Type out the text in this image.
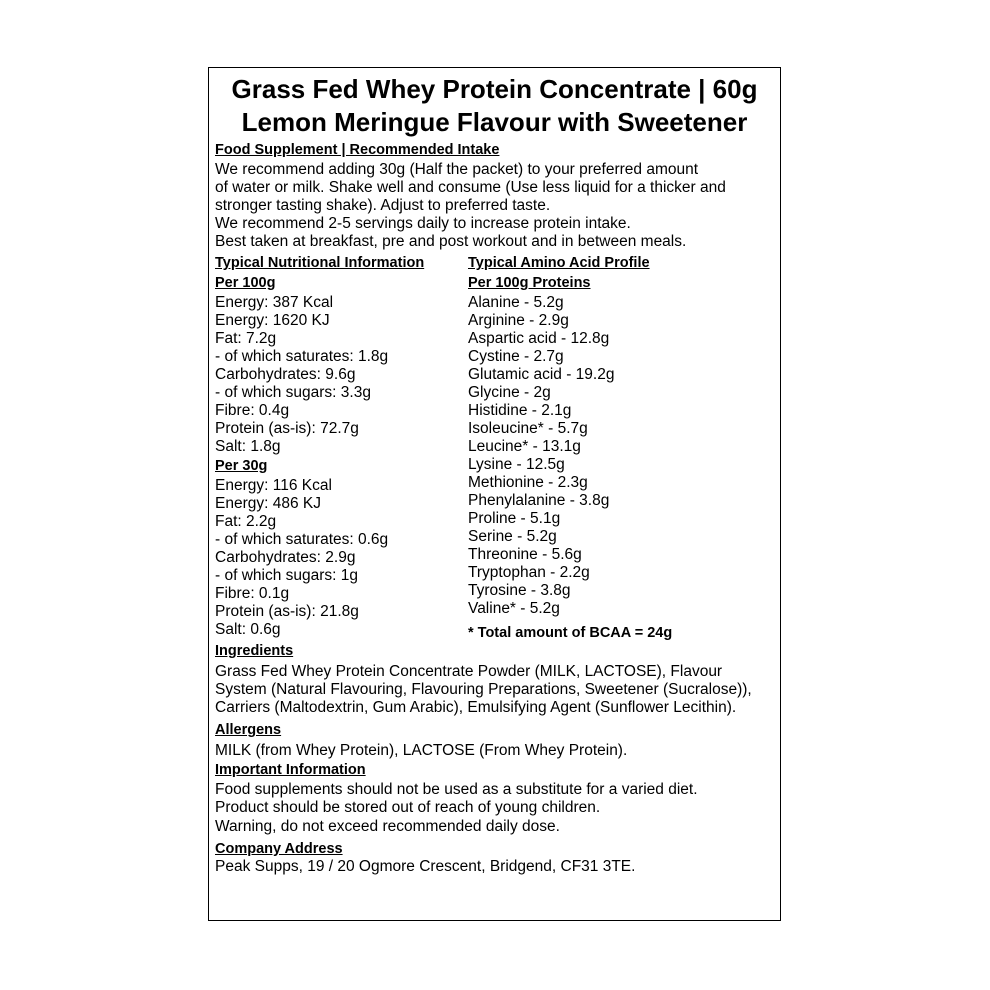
Grass Fed Whey Protein Concentrate | 60g
Lemon Meringue Flavour with Sweetener
Food Supplement | Recommended Intake
We recommend adding 30g (Half the packet) to your preferred amount
of water or milk. Shake well and consume (Use less liquid for a thicker and
stronger tasting shake). Adjust to preferred taste.
We recommend 2-5 servings daily to increase protein intake.
Best taken at breakfast, pre and post workout and in between meals.
Typical Nutritional Information
Per 100g
Energy: 387 Kcal
Energy: 1620 KJ
Fat: 7.2g
- of which saturates: 1.8g
Carbohydrates: 9.6g
- of which sugars: 3.3g
Fibre: 0.4g
Protein (as-is): 72.7g
Salt: 1.8g
Per 30g
Energy: 116 Kcal
Energy: 486 KJ
Fat: 2.2g
- of which saturates: 0.6g
Carbohydrates: 2.9g
- of which sugars: 1g
Fibre: 0.1g
Protein (as-is): 21.8g
Salt: 0.6g
Typical Amino Acid Profile
Per 100g Proteins
Alanine - 5.2g
Arginine - 2.9g
Aspartic acid - 12.8g
Cystine - 2.7g
Glutamic acid - 19.2g
Glycine - 2g
Histidine - 2.1g
Isoleucine* - 5.7g
Leucine* - 13.1g
Lysine - 12.5g
Methionine - 2.3g
Phenylalanine - 3.8g
Proline - 5.1g
Serine - 5.2g
Threonine - 5.6g
Tryptophan - 2.2g
Tyrosine - 3.8g
Valine* - 5.2g
* Total amount of BCAA = 24g
Ingredients
Grass Fed Whey Protein Concentrate Powder (MILK, LACTOSE), Flavour
System (Natural Flavouring, Flavouring Preparations, Sweetener (Sucralose)),
Carriers (Maltodextrin, Gum Arabic), Emulsifying Agent (Sunflower Lecithin).
Allergens
MILK (from Whey Protein), LACTOSE (From Whey Protein).
Important Information
Food supplements should not be used as a substitute for a varied diet.
Product should be stored out of reach of young children.
Warning, do not exceed recommended daily dose.
Company Address
Peak Supps, 19 / 20 Ogmore Crescent, Bridgend, CF31 3TE.
